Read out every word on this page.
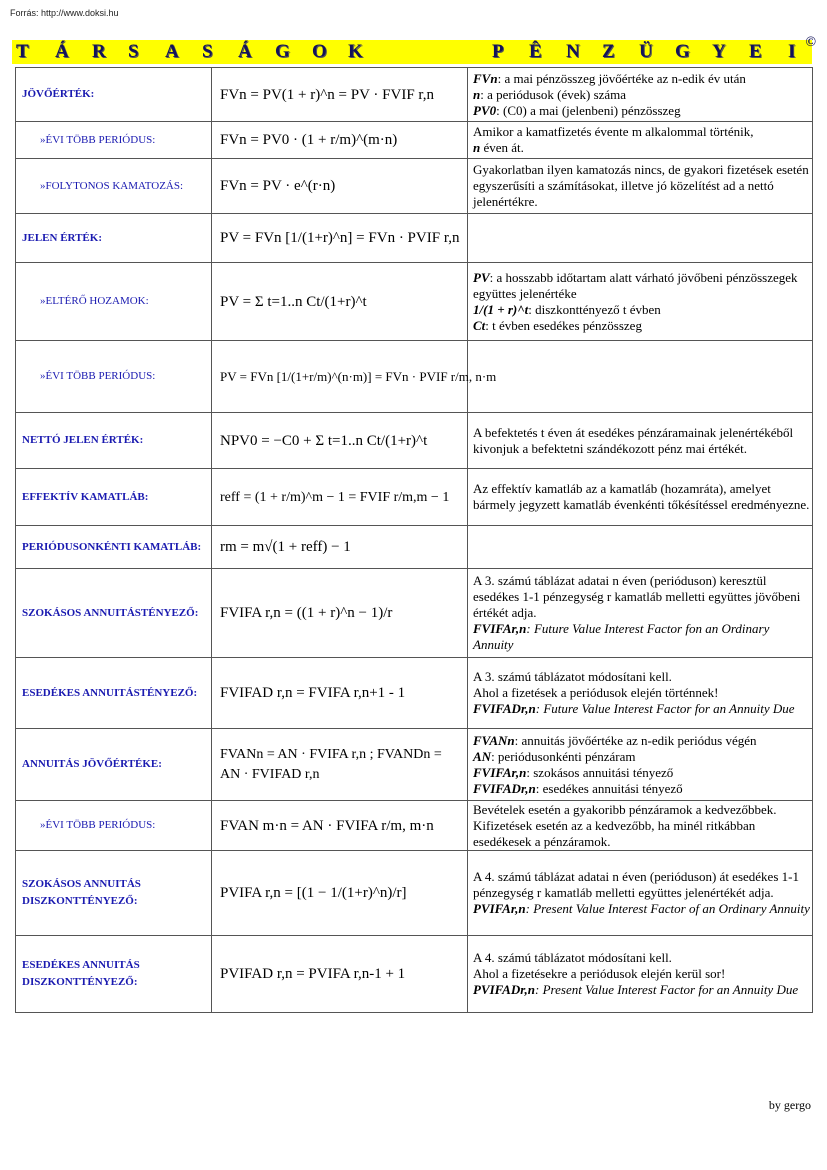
Forrás: http://www.doksi.hu
T Á R S A S Á G O K	P Ê N Z Ü G Y E I ©
JÖVŐÉRTÉK:	FVn = PV(1 + r)^n = PV · FVIF r,n	FVn: a mai pénzösszeg jövőértéke az n-edik év után
n: a periódusok (évek) száma
PV0: (C0) a mai (jelenbeni) pénzösszeg

»ÉVI TÖBB PERIÓDUS:	FVn = PV0 · (1 + r/m)^(m·n)	Amikor a kamatfizetés évente m alkalommal történik,
n éven át.

»FOLYTONOS KAMATOZÁS:	FVn = PV · e^(r·n)	Gyakorlatban ilyen kamatozás nincs, de gyakori fizetések esetén egyszerűsíti a számításokat, illetve jó közelítést ad a nettó jelenértékre.
JELEN ÉRTÉK:	PV = FVn [1/(1+r)^n] = FVn · PVIF r,n	
»ELTÉRŐ HOZAMOK:	PV = Σ t=1..n Ct/(1+r)^t	PV: a hosszabb időtartam alatt várható jövőbeni pénzösszegek együttes jelenértéke
1/(1 + r)^t: diszkonttényező t évben
Ct: t évben esedékes pénzösszeg

»ÉVI TÖBB PERIÓDUS:	PV = FVn [1/(1+r/m)^(n·m)] = FVn · PVIF r/m, n·m	
NETTÓ JELEN ÉRTÉK:	NPV0 = −C0 + Σ t=1..n Ct/(1+r)^t	A befektetés t éven át esedékes pénzáramainak jelenértékéből kivonjuk a befektetni szándékozott pénz mai értékét.
EFFEKTÍV KAMATLÁB:	reff = (1 + r/m)^m − 1 = FVIF r/m,m − 1	Az effektív kamatláb az a kamatláb (hozamráta), amelyet bármely jegyzett kamatláb évenkénti tőkésítéssel eredményezne.
PERIÓDUSONKÉNTI KAMATLÁB:	rm = m√(1 + reff) − 1	
SZOKÁSOS ANNUITÁSTÉNYEZŐ:	FVIFA r,n = ((1 + r)^n − 1)/r	A 3. számú táblázat adatai n éven (perióduson) keresztül esedékes 1-1 pénzegység r kamatláb melletti együttes jövőbeni értékét adja.
FVIFAr,n: Future Value Interest Factor fon an Ordinary Annuity

ESEDÉKES ANNUITÁSTÉNYEZŐ:	FVIFAD r,n = FVIFA r,n+1 - 1	A 3. számú táblázatot módosítani kell.
Ahol a fizetések a periódusok elején történnek!
FVIFADr,n: Future Value Interest Factor for an Annuity Due

ANNUITÁS JÖVŐÉRTÉKE:	FVANn = AN · FVIFA r,n ; FVANDn = AN · FVIFAD r,n	FVANn: annuitás jövőértéke az n-edik periódus végén
AN: periódusonkénti pénzáram
FVIFAr,n: szokásos annuitási tényező
FVIFADr,n: esedékes annuitási tényező

»ÉVI TÖBB PERIÓDUS:	FVAN m·n = AN · FVIFA r/m, m·n	Bevételek esetén a gyakoribb pénzáramok a kedvezőbbek. Kifizetések esetén az a kedvezőbb, ha minél ritkábban esedékesek a pénzáramok.
SZOKÁSOS ANNUITÁS DISZKONTTÉNYEZŐ:	PVIFA r,n = [(1 − 1/(1+r)^n)/r]	A 4. számú táblázat adatai n éven (perióduson) át esedékes 1-1 pénzegység r kamatláb melletti együttes jelenértékét adja.
PVIFAr,n: Present Value Interest Factor of an Ordinary Annuity

ESEDÉKES ANNUITÁS DISZKONTTÉNYEZŐ:	PVIFAD r,n = PVIFA r,n-1 + 1	A 4. számú táblázatot módosítani kell.
Ahol a fizetésekre a periódusok elején kerül sor!
PVIFADr,n: Present Value Interest Factor for an Annuity Due
by gergo
